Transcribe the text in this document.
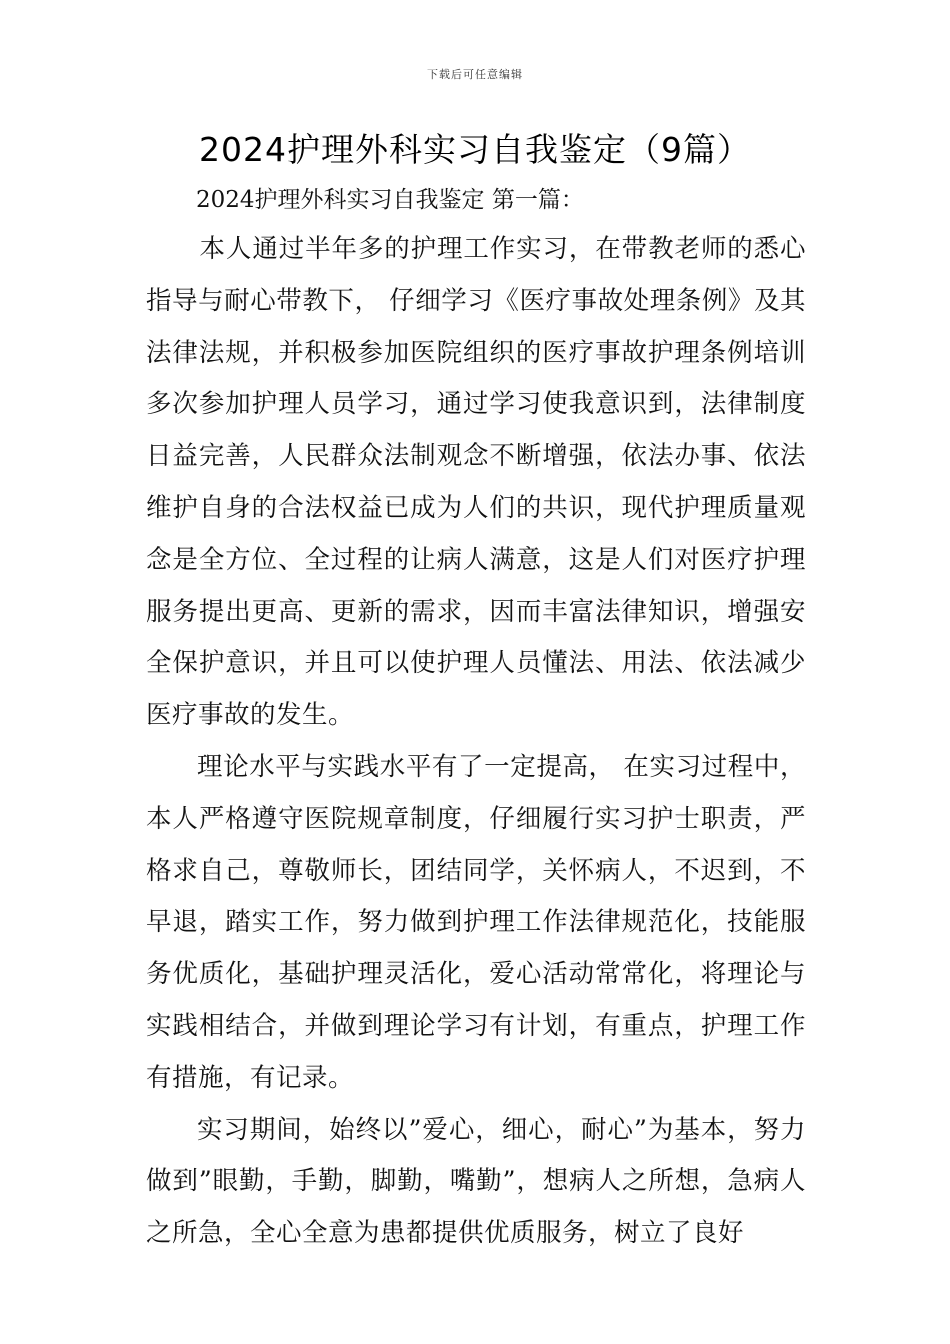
下载后可任意编辑
2024护理外科实习自我鉴定（9篇）
2024护理外科实习自我鉴定 第一篇：

本人通过半年多的护理工作实习，在带教老师的悉心指导与耐心带教下， 仔细学习《医疗事故处理条例》及其法律法规，并积极参加医院组织的医疗事故护理条例培训多次参加护理人员学习，通过学习使我意识到，法律制度日益完善，人民群众法制观念不断增强，依法办事、依法维护自身的合法权益已成为人们的共识，现代护理质量观念是全方位、全过程的让病人满意，这是人们对医疗护理服务提出更高、更新的需求，因而丰富法律知识，增强安全保护意识，并且可以使护理人员懂法、用法、依法减少医疗事故的发生。

理论水平与实践水平有了一定提高， 在实习过程中，本人严格遵守医院规章制度，仔细履行实习护士职责，严格求自己，尊敬师长，团结同学，关怀病人，不迟到，不早退，踏实工作，努力做到护理工作法律规范化，技能服务优质化，基础护理灵活化，爱心活动常常化，将理论与实践相结合，并做到理论学习有计划，有重点，护理工作有措施，有记录。

实习期间，始终以”爱心，细心，耐心”为基本，努力做到”眼勤，手勤，脚勤，嘴勤”，想病人之所想，急病人之所急，全心全意为患都提供优质服务，树立了良好
